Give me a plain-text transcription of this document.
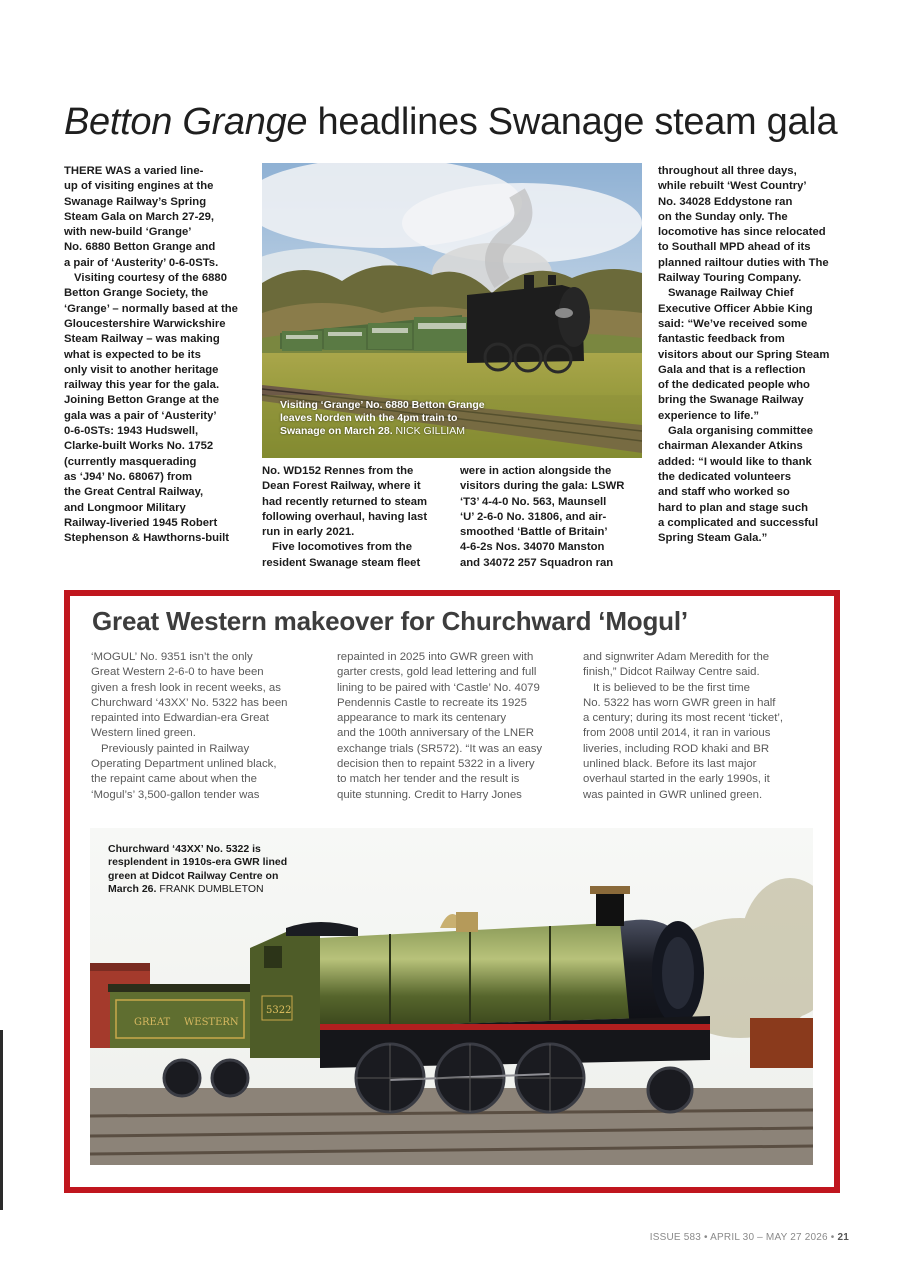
Betton Grange headlines Swanage steam gala
THERE WAS a varied line-
up of visiting engines at the
Swanage Railway’s Spring
Steam Gala on March 27-29,
with new-build ‘Grange’
No. 6880 Betton Grange and
a pair of ‘Austerity’ 0-6-0STs.
Visiting courtesy of the 6880
Betton Grange Society, the
‘Grange’ – normally based at the
Gloucestershire Warwickshire
Steam Railway – was making
what is expected to be its
only visit to another heritage
railway this year for the gala.
Joining Betton Grange at the
gala was a pair of ‘Austerity’
0-6-0STs: 1943 Hudswell,
Clarke-built Works No. 1752
(currently masquerading
as ‘J94’ No. 68067) from
the Great Central Railway,
and Longmoor Military
Railway-liveried 1945 Robert
Stephenson & Hawthorns-built
No. WD152 Rennes from the
Dean Forest Railway, where it
had recently returned to steam
following overhaul, having last
run in early 2021.
Five locomotives from the
resident Swanage steam fleet
were in action alongside the
visitors during the gala: LSWR
‘T3’ 4-4-0 No. 563, Maunsell
‘U’ 2-6-0 No. 31806, and air-
smoothed ‘Battle of Britain’
4-6-2s Nos. 34070 Manston
and 34072 257 Squadron ran
throughout all three days,
while rebuilt ‘West Country’
No. 34028 Eddystone ran
on the Sunday only. The
locomotive has since relocated
to Southall MPD ahead of its
planned railtour duties with The
Railway Touring Company.
Swanage Railway Chief
Executive Officer Abbie King
said: “We’ve received some
fantastic feedback from
visitors about our Spring Steam
Gala and that is a reflection
of the dedicated people who
bring the Swanage Railway
experience to life.”
Gala organising committee
chairman Alexander Atkins
added: “I would like to thank
the dedicated volunteers
and staff who worked so
hard to plan and stage such
a complicated and successful
Spring Steam Gala.”
Visiting ‘Grange’ No. 6880 Betton Grange
leaves Norden with the 4pm train to
Swanage on March 28. NICK GILLIAM
Great Western makeover for Churchward ‘Mogul’
‘MOGUL’ No. 9351 isn’t the only
Great Western 2-6-0 to have been
given a fresh look in recent weeks, as
Churchward ‘43XX’ No. 5322 has been
repainted into Edwardian-era Great
Western lined green.
Previously painted in Railway
Operating Department unlined black,
the repaint came about when the
‘Mogul’s’ 3,500-gallon tender was
repainted in 2025 into GWR green with
garter crests, gold lead lettering and full
lining to be paired with ‘Castle’ No. 4079
Pendennis Castle to recreate its 1925
appearance to mark its centenary
and the 100th anniversary of the LNER
exchange trials (SR572). “It was an easy
decision then to repaint 5322 in a livery
to match her tender and the result is
quite stunning. Credit to Harry Jones
and signwriter Adam Meredith for the
finish,” Didcot Railway Centre said.
It is believed to be the first time
No. 5322 has worn GWR green in half
a century; during its most recent ‘ticket’,
from 2008 until 2014, it ran in various
liveries, including ROD khaki and BR
unlined black. Before its last major
overhaul started in the early 1990s, it
was painted in GWR unlined green.
GREAT WESTERN
5322
Churchward ‘43XX’ No. 5322 is
resplendent in 1910s-era GWR lined
green at Didcot Railway Centre on
March 26. FRANK DUMBLETON
ISSUE 583 • APRIL 30 – MAY 27 2026 • 21
